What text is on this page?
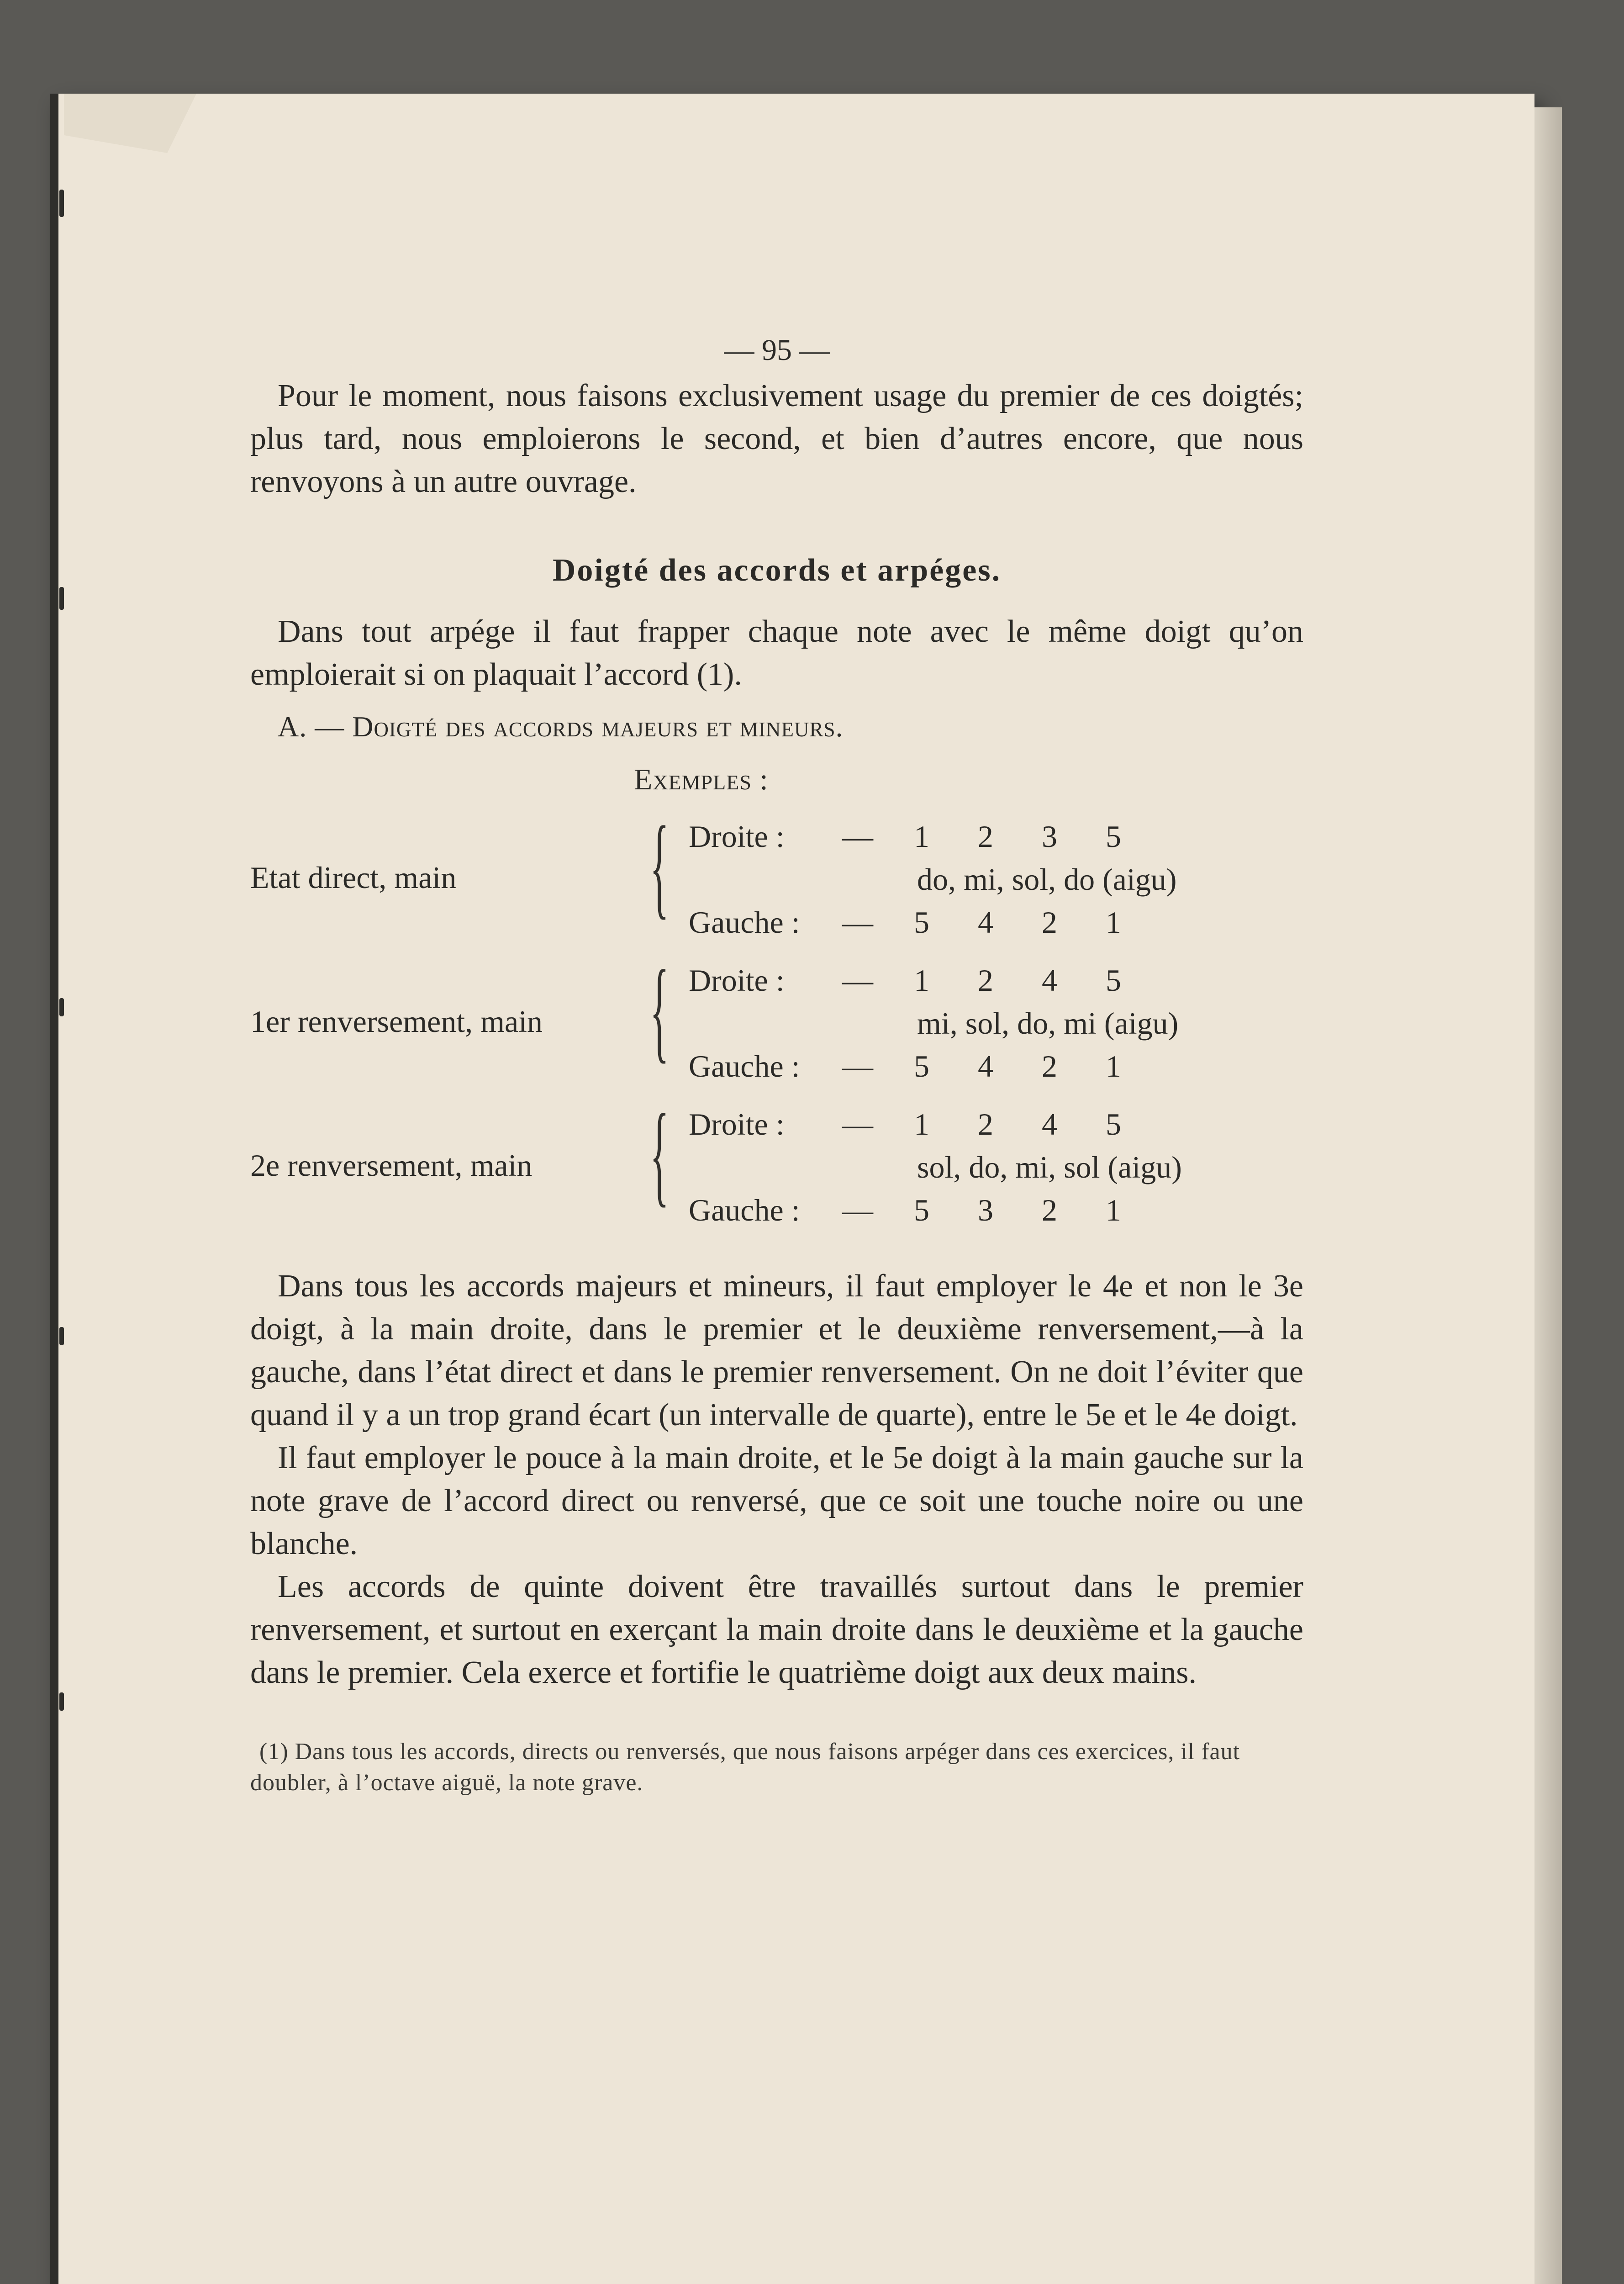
— 95 —

Pour le moment, nous faisons exclusivement usage du premier de ces doigtés; plus tard, nous emploierons le second, et bien d’autres encore, que nous renvoyons à un autre ouvrage.

Doigté des accords et arpéges.

Dans tout arpége il faut frapper chaque note avec le même doigt qu’on emploierait si on plaquait l’accord (1).

A. — Doigté des accords majeurs et mineurs.

Exemples :

Etat direct, main { Droite : — 1 2 3 5
do, mi, sol, do (aigu)
Gauche : — 5 4 2 1
1er renversement, main { Droite : — 1 2 4 5
mi, sol, do, mi (aigu)
Gauche : — 5 4 2 1
2e renversement, main { Droite : — 1 2 4 5
sol, do, mi, sol (aigu)
Gauche : — 5 3 2 1

Dans tous les accords majeurs et mineurs, il faut employer le 4e et non le 3e doigt, à la main droite, dans le premier et le deuxième renversement,—à la gauche, dans l’état direct et dans le premier renversement. On ne doit l’éviter que quand il y a un trop grand écart (un intervalle de quarte), entre le 5e et le 4e doigt.

Il faut employer le pouce à la main droite, et le 5e doigt à la main gauche sur la note grave de l’accord direct ou renversé, que ce soit une touche noire ou une blanche.

Les accords de quinte doivent être travaillés surtout dans le premier renversement, et surtout en exerçant la main droite dans le deuxième et la gauche dans le premier. Cela exerce et fortifie le quatrième doigt aux deux mains.

(1) Dans tous les accords, directs ou renversés, que nous faisons arpéger dans ces exercices, il faut doubler, à l’octave aiguë, la note grave.
